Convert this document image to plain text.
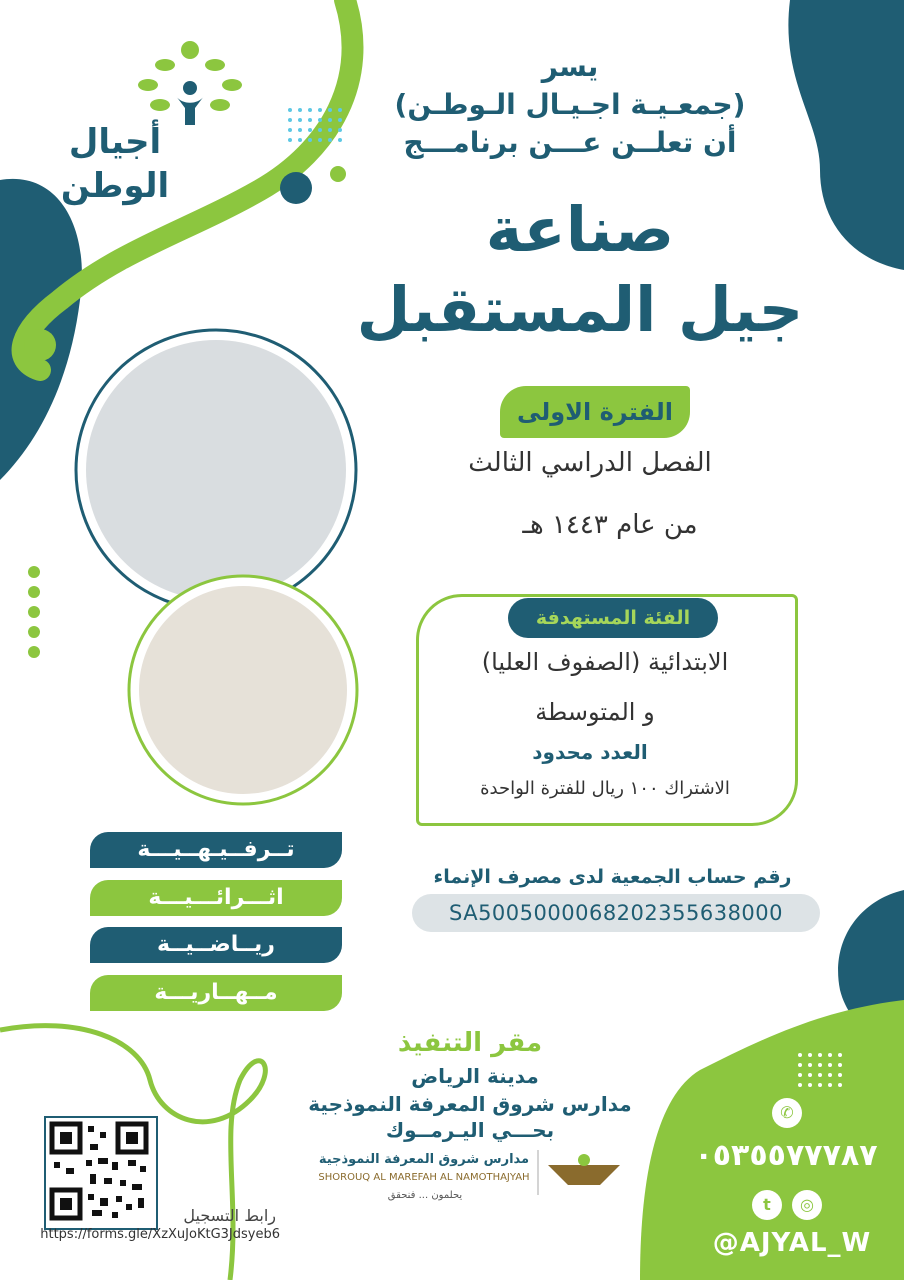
أجيال
الوطن
يسر
(جمعـيـة اجـيـال الـوطـن)
أن تعلــن عـــن برنامـــج
صناعة
جيل المستقبل
الفترة الاولى
الفصل الدراسي الثالث
من عام ١٤٤٣ هـ
الفئة المستهدفة
الابتدائية (الصفوف العليا)
و المتوسطة
العدد محدود
الاشتراك ١٠٠ ريال للفترة الواحدة
تــرفــيـهــيـــة
اثـــرائـــيـــة
ريــاضــيــة
مــهــاريـــة
رقم حساب الجمعية لدى مصرف الإنماء
SA5005000068202355638000
مقر التنفيذ
مدينة الرياض
مدارس شروق المعرفة النموذجية
بحـــي اليـرمــوك
مدارس شروق المعرفة النموذجية
SHOROUQ AL MAREFAH AL NAMOTHAJYAH
يحلمون ... فنحقق
رابط التسجيل
https://forms.gle/XzXuJoKtG3Jdsyeb6
✆
٠٥٣٥٥٧٧٧٨٧
t	◎
@AJYAL_W
